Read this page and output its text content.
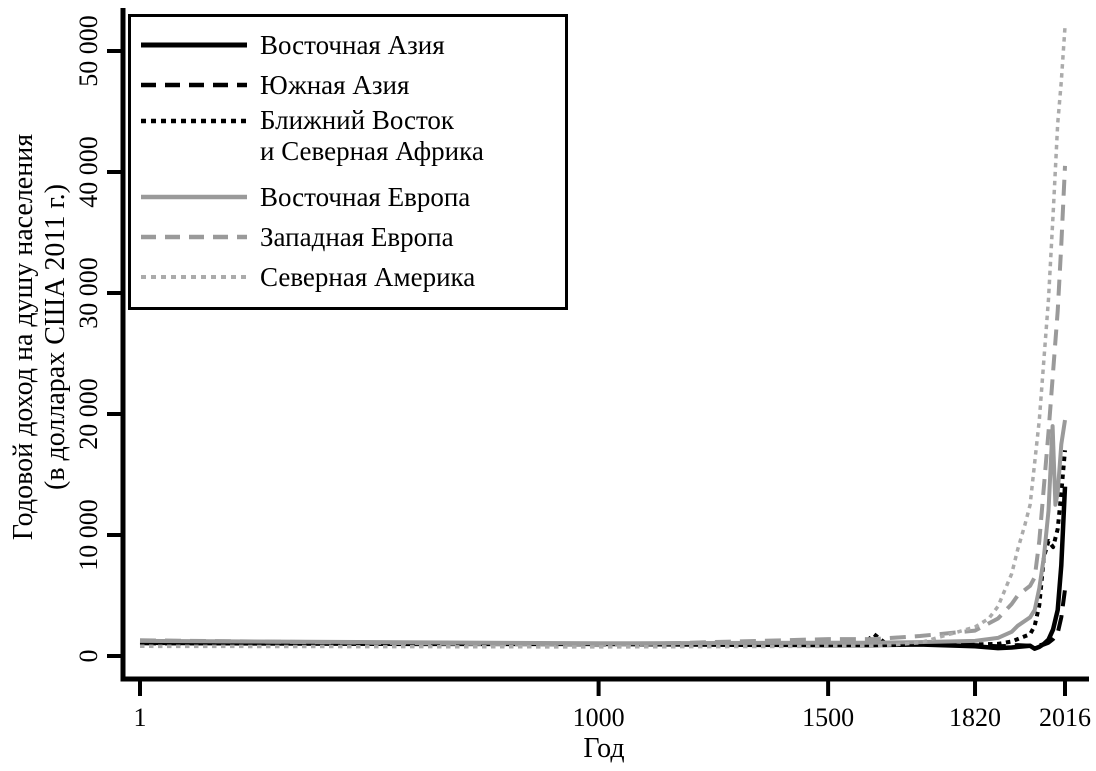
0
10 000
20 000
30 000
40 000
50 000
1	1000	1500	1820 2016
Год
Годовой доход на душу населения (в долларах США 2011 г.)
Восточная Азия
Южная Азия
Ближний Восток
и Северная Африка
Восточная Европа
Западная Европа
Северная Америка
